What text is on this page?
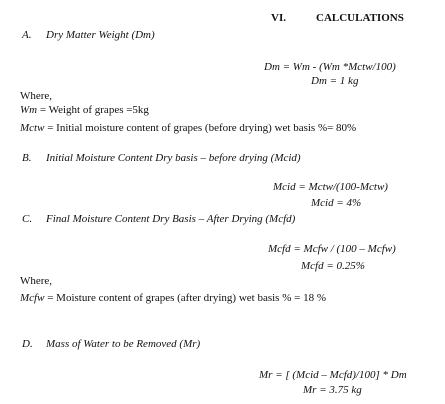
VI.	CALCULATIONS
A. Dry Matter Weight (Dm)
Dm = Wm - (Wm *Mctw/100)
Dm = 1 kg
Where,
Wm = Weight of grapes =5kg
Mctw = Initial moisture content of grapes (before drying) wet basis %= 80%
B. Initial Moisture Content Dry basis – before drying (Mcid)
Mcid = Mctw/(100-Mctw)
Mcid = 4%
C. Final Moisture Content Dry Basis – After Drying (Mcfd)
Mcfd = Mcfw / (100 – Mcfw)
Mcfd = 0.25%
Where,
Mcfw = Moisture content of grapes (after drying) wet basis % = 18 %
D. Mass of Water to be Removed (Mr)
Mr = [ (Mcid – Mcfd)/100] * Dm
Mr = 3.75 kg
